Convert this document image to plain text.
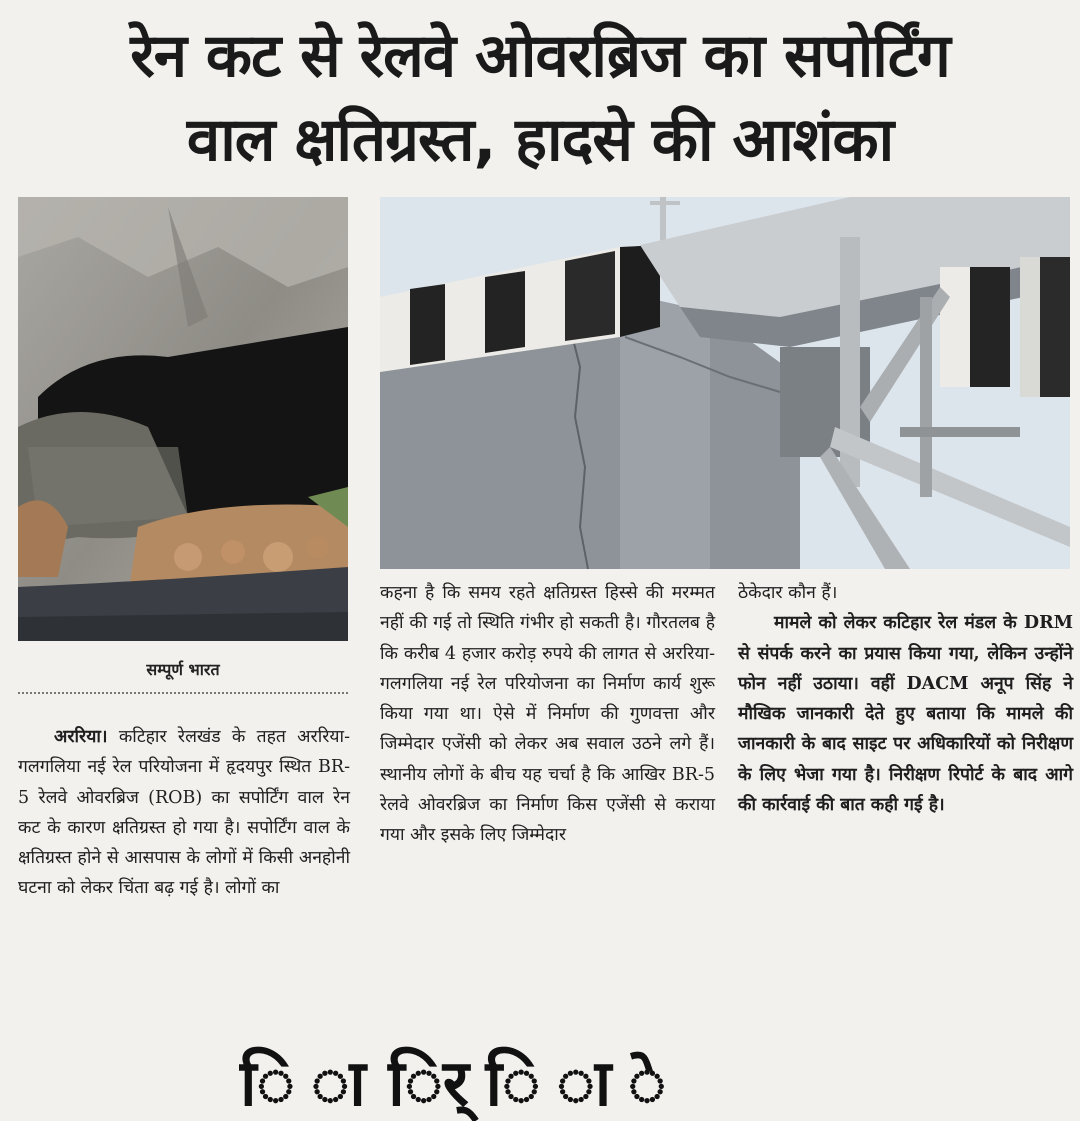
रेन कट से रेलवे ओवरब्रिज का सपोर्टिंग
वाल क्षतिग्रस्त, हादसे की आशंका
सम्पूर्ण भारत
अररिया। कटिहार रेलखंड के तहत अररिया-गलगलिया नई रेल परियोजना में हृदयपुर स्थित BR-5 रेलवे ओवरब्रिज (ROB) का सपोर्टिंग वाल रेन कट के कारण क्षतिग्रस्त हो गया है। सपोर्टिंग वाल के क्षतिग्रस्त होने से आसपास के लोगों में किसी अनहोनी घटना को लेकर चिंता बढ़ गई है। लोगों का
कहना है कि समय रहते क्षतिग्रस्त हिस्से की मरम्मत नहीं की गई तो स्थिति गंभीर हो सकती है। गौरतलब है कि करीब 4 हजार करोड़ रुपये की लागत से अररिया-गलगलिया नई रेल परियोजना का निर्माण कार्य शुरू किया गया था। ऐसे में निर्माण की गुणवत्ता और जिम्मेदार एजेंसी को लेकर अब सवाल उठने लगे हैं। स्थानीय लोगों के बीच यह चर्चा है कि आखिर BR-5 रेलवे ओवरब्रिज का निर्माण किस एजेंसी से कराया गया और इसके लिए जिम्मेदार
ठेकेदार कौन हैं।
मामले को लेकर कटिहार रेल मंडल के DRM से संपर्क करने का प्रयास किया गया, लेकिन उन्होंने फोन नहीं उठाया। वहीं DACM अनूप सिंह ने मौखिक जानकारी देते हुए बताया कि मामले की जानकारी के बाद साइट पर अधिकारियों को निरीक्षण के लिए भेजा गया है। निरीक्षण रिपोर्ट के बाद आगे की कार्रवाई की बात कही गई है।
ि ा र्ि ि ा े
